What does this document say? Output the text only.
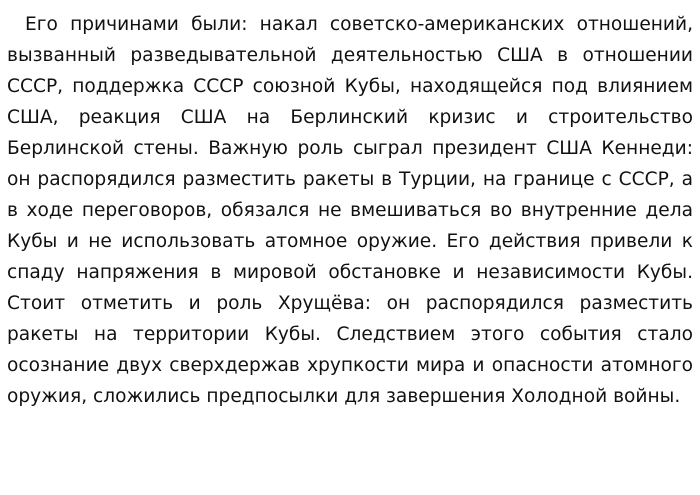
Его причинами были: накал советско-американских отношений, вызванный разведывательной деятельностью США в отношении СССР, поддержка СССР союзной Кубы, находящейся под влиянием США, реакция США на Берлинский кризис и строительство Берлинской стены. Важную роль сыграл президент США Кеннеди: он распорядился разместить ракеты в Турции, на границе с СССР, а в ходе переговоров, обязался не вмешиваться во внутренние дела Кубы и не использовать атомное оружие. Его действия привели к спаду напряжения в мировой обстановке и независимости Кубы. Стоит отметить и роль Хрущёва: он распорядился разместить ракеты на территории Кубы. Следствием этого события стало осознание двух сверхдержав хрупкости мира и опасности атомного оружия, сложились предпосылки для завершения Холодной войны.
